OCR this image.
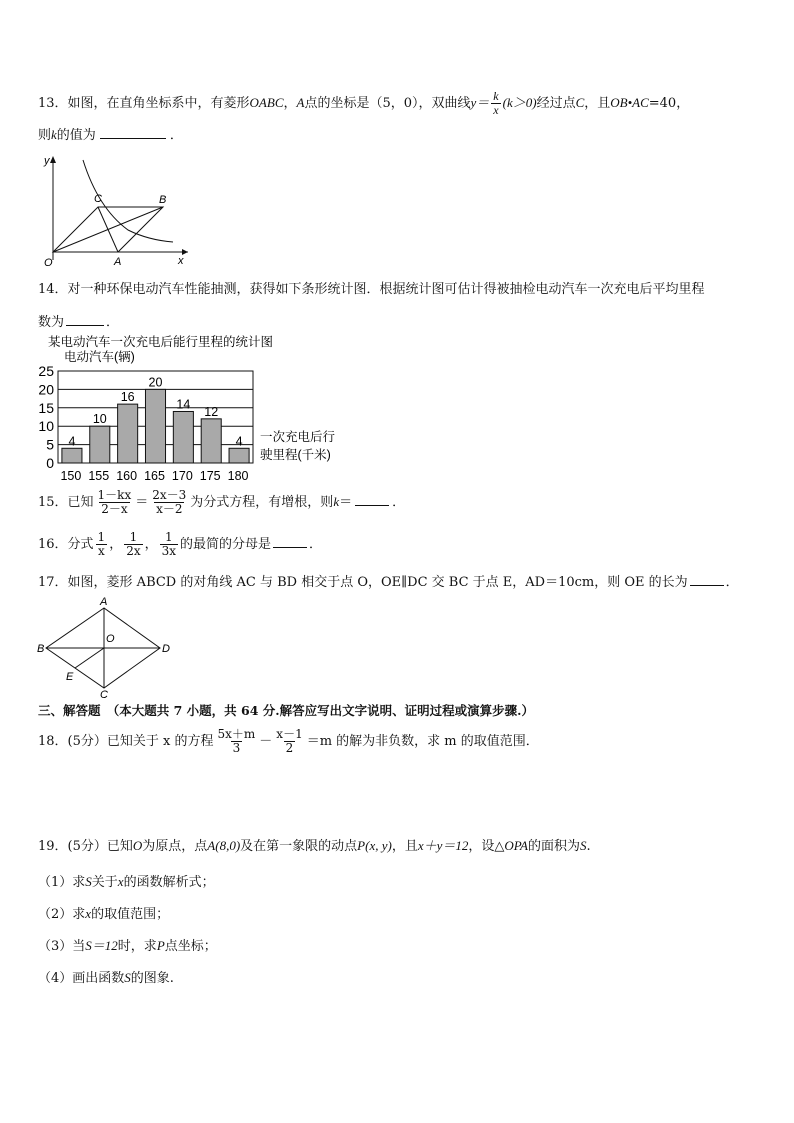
13．如图，在直角坐标系中，有菱形OABC，A点的坐标是（5，0），双曲线$y= \frac{k}{x} (k>0)$经过点C，且OB•AC=40，
则k的值为	．
y
x
O	A
B
C
14．对一种环保电动汽车性能抽测，获得如下条形统计图．根据统计图可估计得被抽检电动汽车一次充电后平均里程
数为	．
某电动汽车一次充电后能行里程的统计图
电动汽车(辆)
一次充电后行
驶里程(千米)
4
10
16
20
14
12
4
0
5
10
15
20
25
150 155 160 165 170 175 180
15．已知 $\frac{1-kx}{2-x} = \frac{2x-3}{x-2}$ 为分式方程，有增根，则k＝	．
16．分式 $\frac{1}{x}$ ， $\frac{1}{2x}$ ， $\frac{1}{3x}$ 的最简的分母是	．
17．如图，菱形 ABCD 的对角线 AC 与 BD 相交于点 O，OE∥DC 交 BC 于点 E，AD＝10cm，则 OE 的长为	．
A
B
C
D
O
E
三、解答题　（本大题共 7 小题，共 64 分.解答应写出文字说明、证明过程或演算步骤.）
18．(5分）已知关于 x 的方程 $\frac{5x+m}{3} - \frac{x-1}{2} =m$ 的解为非负数，求 m 的取值范围．
19．(5分）已知O为原点，点A(8,0)及在第一象限的动点P(x, y)，且x＋y＝12，设△OPA的面积为S.
（1）求S关于x的函数解析式；
（2）求x的取值范围；
（3）当S＝12时，求P点坐标；
（4）画出函数S的图象.
